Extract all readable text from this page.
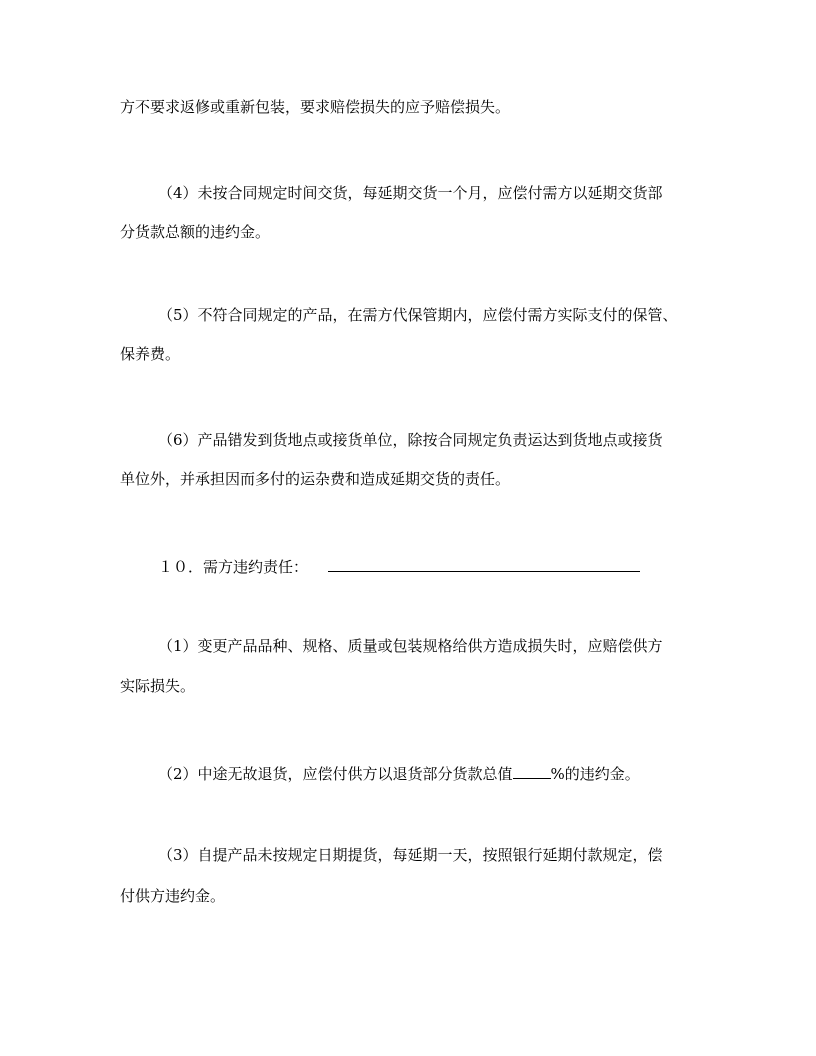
方不要求返修或重新包装，要求赔偿损失的应予赔偿损失。
（4）未按合同规定时间交货，每延期交货一个月，应偿付需方以延期交货部
分货款总额的违约金。
（5）不符合同规定的产品，在需方代保管期内，应偿付需方实际支付的保管、
保养费。
（6）产品错发到货地点或接货单位，除按合同规定负责运达到货地点或接货
单位外，并承担因而多付的运杂费和造成延期交货的责任。
１０．需方违约责任：
（1）变更产品品种、规格、质量或包装规格给供方造成损失时，应赔偿供方
实际损失。
（2）中途无故退货，应偿付供方以退货部分货款总值	%的违约金。
（3）自提产品未按规定日期提货，每延期一天，按照银行延期付款规定，偿
付供方违约金。
